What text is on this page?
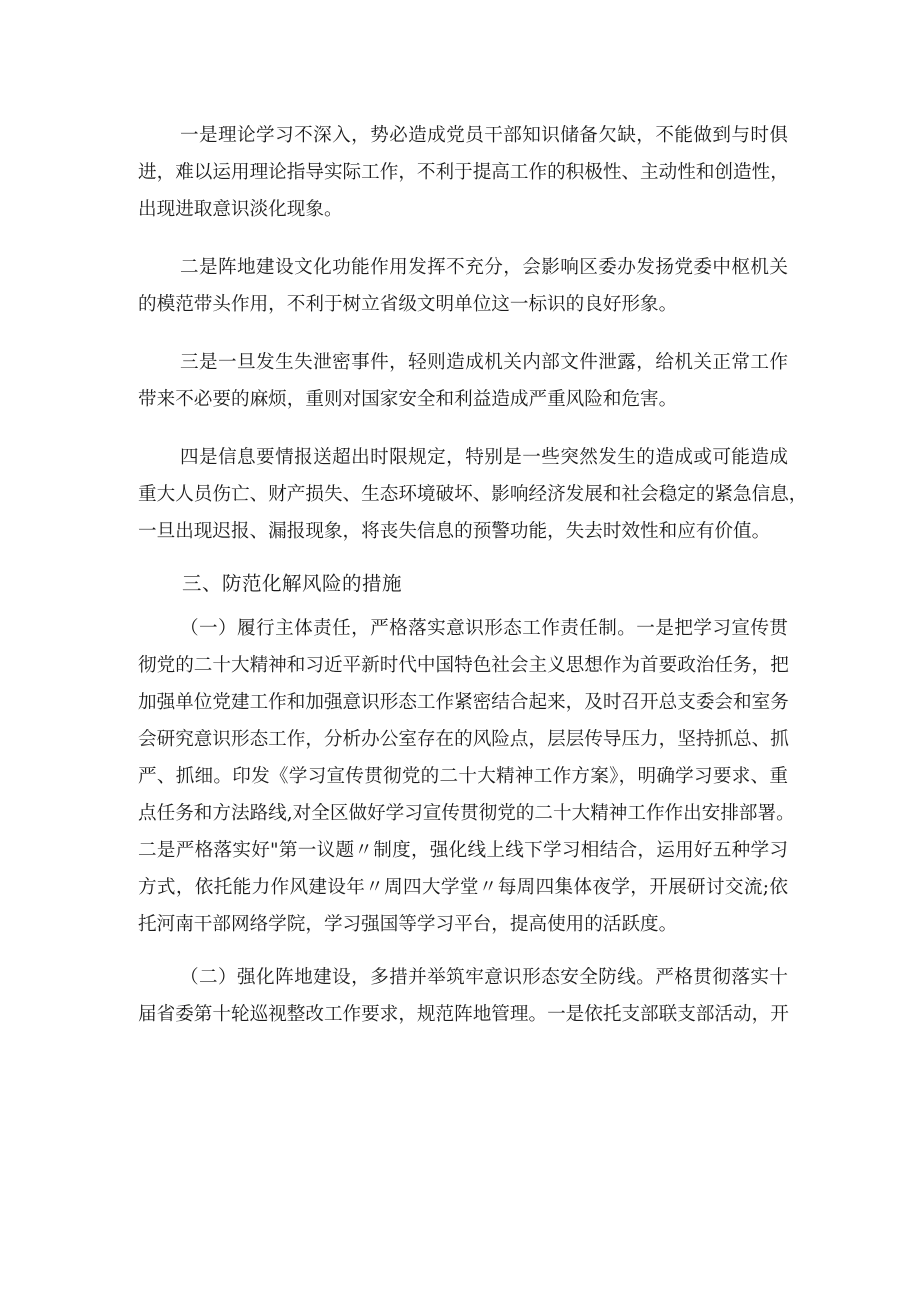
一是理论学习不深入，势必造成党员干部知识储备欠缺，不能做到与时俱
进，难以运用理论指导实际工作，不利于提高工作的积极性、主动性和创造性，
出现进取意识淡化现象。
二是阵地建设文化功能作用发挥不充分，会影响区委办发扬党委中枢机关
的模范带头作用，不利于树立省级文明单位这一标识的良好形象。
三是一旦发生失泄密事件，轻则造成机关内部文件泄露，给机关正常工作
带来不必要的麻烦，重则对国家安全和利益造成严重风险和危害。
四是信息要情报送超出时限规定，特别是一些突然发生的造成或可能造成
重大人员伤亡、财产损失、生态环境破坏、影响经济发展和社会稳定的紧急信息，
一旦出现迟报、漏报现象，将丧失信息的预警功能，失去时效性和应有价值。
三、防范化解风险的措施
（一）履行主体责任，严格落实意识形态工作责任制。一是把学习宣传贯
彻党的二十大精神和习近平新时代中国特色社会主义思想作为首要政治任务，把
加强单位党建工作和加强意识形态工作紧密结合起来，及时召开总支委会和室务
会研究意识形态工作，分析办公室存在的风险点，层层传导压力，坚持抓总、抓
严、抓细。印发《学习宣传贯彻党的二十大精神工作方案》，明确学习要求、重
点任务和方法路线,对全区做好学习宣传贯彻党的二十大精神工作作出安排部署。
二是严格落实好"第一议题〃制度，强化线上线下学习相结合，运用好五种学习
方式，依托能力作风建设年〃周四大学堂〃每周四集体夜学，开展研讨交流;依
托河南干部网络学院，学习强国等学习平台，提高使用的活跃度。
（二）强化阵地建设，多措并举筑牢意识形态安全防线。严格贯彻落实十
届省委第十轮巡视整改工作要求，规范阵地管理。一是依托支部联支部活动，开
